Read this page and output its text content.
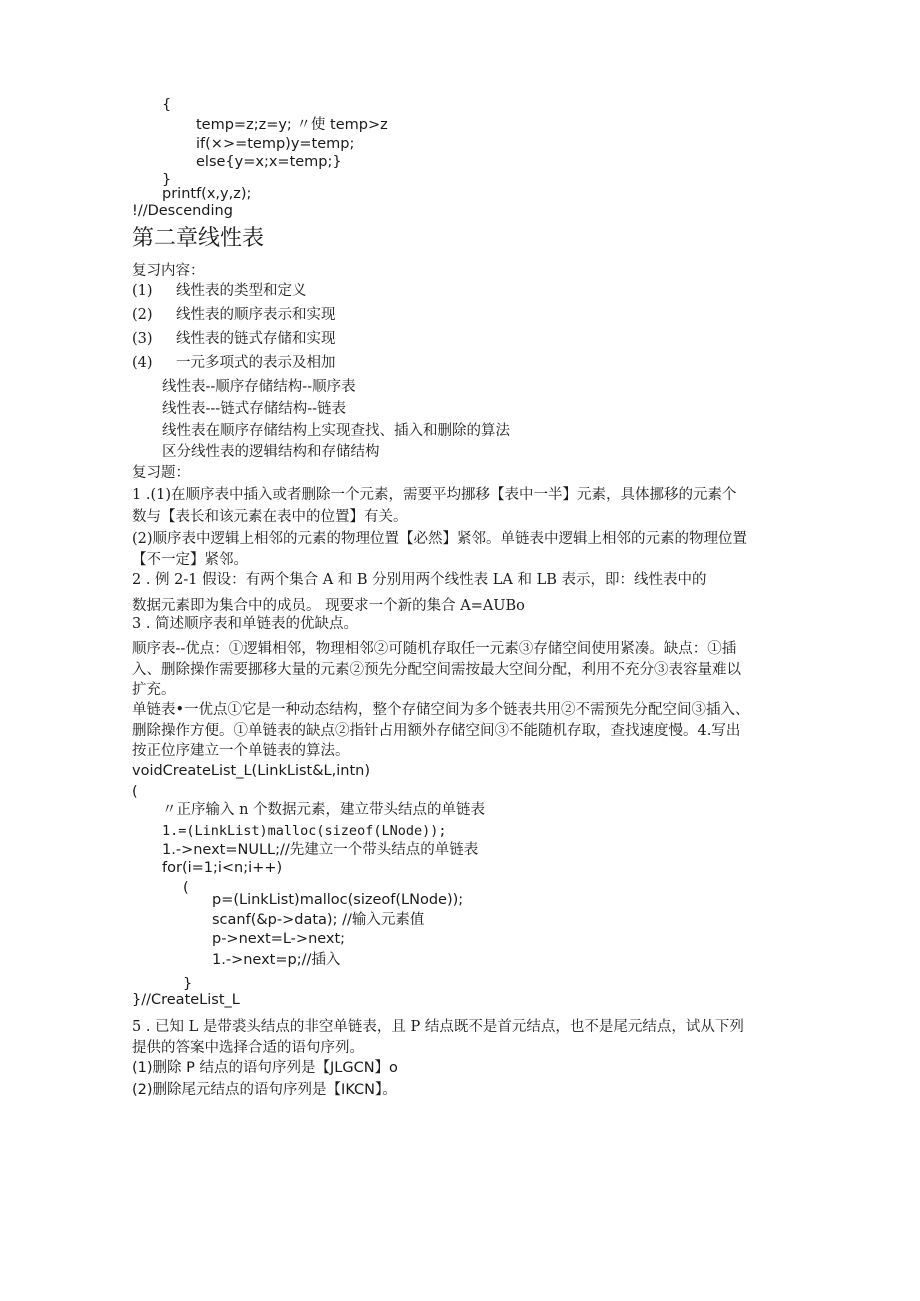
{
temp=z;z=y; 〃使 temp>z
if(×>=temp)y=temp;
else{y=x;x=temp;}
}
printf(x,y,z);
!//Descending
第二章线性表
复习内容：
(1) 线性表的类型和定义
(2) 线性表的顺序表示和实现
(3) 线性表的链式存储和实现
(4) 一元多项式的表示及相加
线性表--顺序存储结构--顺序表
线性表---链式存储结构--链表
线性表在顺序存储结构上实现查找、插入和删除的算法
区分线性表的逻辑结构和存储结构
复习题：
1 .(1)在顺序表中插入或者删除一个元素，需要平均挪移【表中一半】元素，具体挪移的元素个
数与【表长和该元素在表中的位置】有关。
(2)顺序表中逻辑上相邻的元素的物理位置【必然】紧邻。单链表中逻辑上相邻的元素的物理位置
【不一定】紧邻。
2 . 例 2-1 假设：有两个集合 A 和 B 分别用两个线性表 LA 和 LB 表示，即：线性表中的
数据元素即为集合中的成员。 现要求一个新的集合 A=AUBo
3 . 简述顺序表和单链表的优缺点。
顺序表--优点：①逻辑相邻，物理相邻②可随机存取任一元素③存储空间使用紧凑。缺点：①插
入、删除操作需要挪移大量的元素②预先分配空间需按最大空间分配，利用不充分③表容量难以
扩充。
单链表•一优点①它是一种动态结构，整个存储空间为多个链表共用②不需预先分配空间③插入、
删除操作方便。①单链表的缺点②指针占用额外存储空间③不能随机存取，查找速度慢。4.写出
按正位序建立一个单链表的算法。
voidCreateList_L(LinkList&L,intn)
(
〃正序输入 n 个数据元素，建立带头结点的单链表
1.=(LinkList)malloc(sizeof(LNode));
1.->next=NULL;//先建立一个带头结点的单链表
for(i=1;i<n;i++)
(
p=(LinkList)malloc(sizeof(LNode));
scanf(&p->data); //输入元素值
p->next=L->next;
1.->next=p;//插入
}
}//CreateList_L
5 . 已知 L 是带裘头结点的非空单链表，且 P 结点既不是首元结点，也不是尾元结点，试从下列
提供的答案中选择合适的语句序列。
(1)删除 P 结点的语句序列是【JLGCN】o
(2)删除尾元结点的语句序列是【IKCN】。
